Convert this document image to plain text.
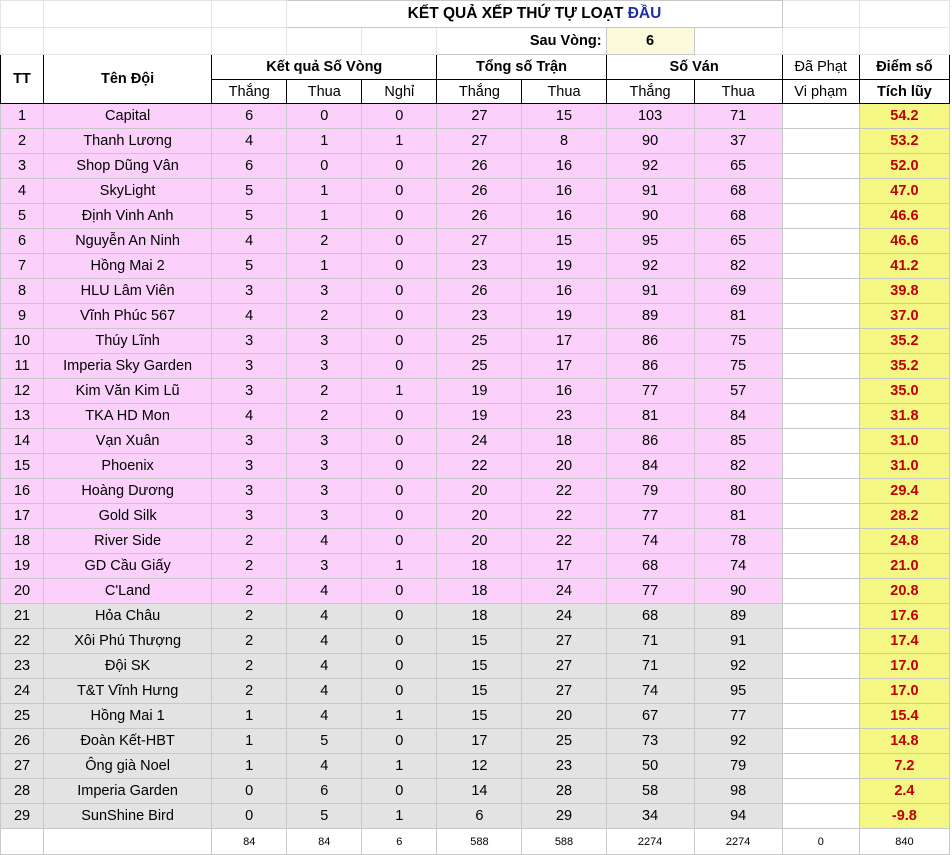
			KẾT QUẢ XẾP THỨ TỰ LOẠT ĐẦU							
					Sau Vòng:		6			
TT	Tên Đội	Kết quả Số Vòng			Tổng số Trận		Số Ván		Đã Phạt	Điểm số
		Thắng	Thua	Nghỉ	Thắng	Thua	Thắng	Thua	Vi phạm	Tích lũy
1	Capital	6	0	0	27	15	103	71		54.2
2	Thanh Lương	4	1	1	27	8	90	37		53.2
3	Shop Dũng Vân	6	0	0	26	16	92	65		52.0
4	SkyLight	5	1	0	26	16	91	68		47.0
5	Định Vinh Anh	5	1	0	26	16	90	68		46.6
6	Nguyễn An Ninh	4	2	0	27	15	95	65		46.6
7	Hồng Mai 2	5	1	0	23	19	92	82		41.2
8	HLU Lâm Viên	3	3	0	26	16	91	69		39.8
9	Vĩnh Phúc 567	4	2	0	23	19	89	81		37.0
10	Thúy Lĩnh	3	3	0	25	17	86	75		35.2
11	Imperia Sky Garden	3	3	0	25	17	86	75		35.2
12	Kim Văn Kim Lũ	3	2	1	19	16	77	57		35.0
13	TKA HD Mon	4	2	0	19	23	81	84		31.8
14	Vạn Xuân	3	3	0	24	18	86	85		31.0
15	Phoenix	3	3	0	22	20	84	82		31.0
16	Hoàng Dương	3	3	0	20	22	79	80		29.4
17	Gold Silk	3	3	0	20	22	77	81		28.2
18	River Side	2	4	0	20	22	74	78		24.8
19	GD Cầu Giấy	2	3	1	18	17	68	74		21.0
20	C'Land	2	4	0	18	24	77	90		20.8
21	Hỏa Châu	2	4	0	18	24	68	89		17.6
22	Xôi Phú Thượng	2	4	0	15	27	71	91		17.4
23	Đội SK	2	4	0	15	27	71	92		17.0
24	T&T Vĩnh Hưng	2	4	0	15	27	74	95		17.0
25	Hồng Mai 1	1	4	1	15	20	67	77		15.4
26	Đoàn Kết-HBT	1	5	0	17	25	73	92		14.8
27	Ông già Noel	1	4	1	12	23	50	79		7.2
28	Imperia Garden	0	6	0	14	28	58	98		2.4
29	SunShine Bird	0	5	1	6	29	34	94		-9.8
		84	84	6	588	588	2274	2274	0	840
